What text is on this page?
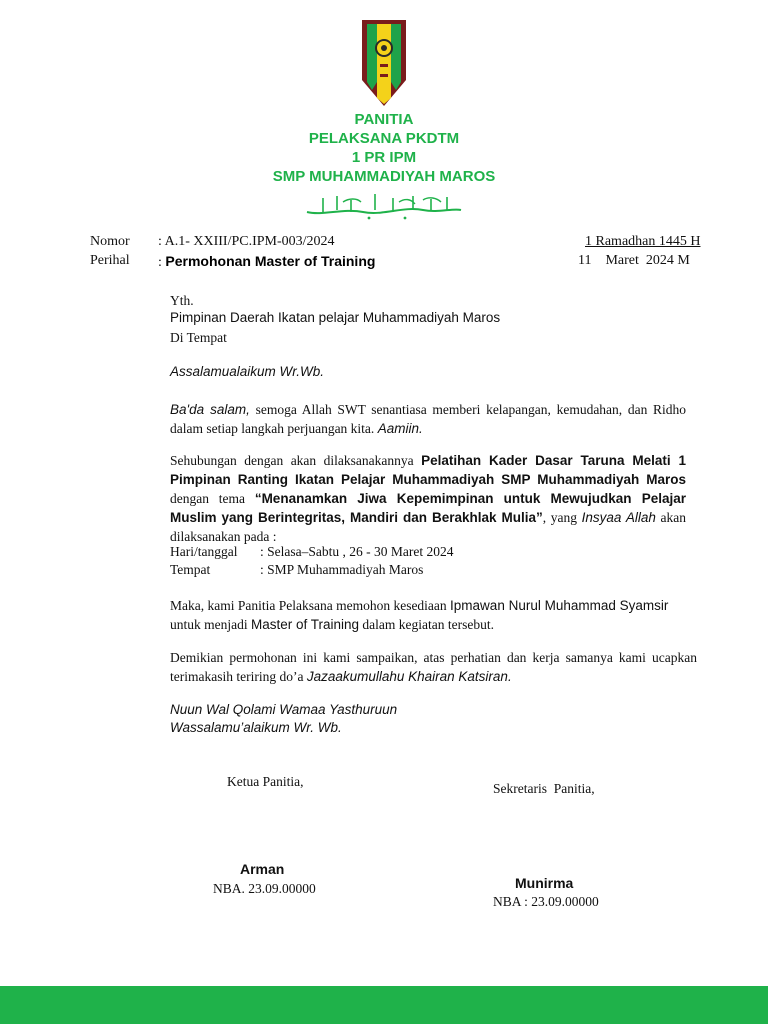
PANITIA
PELAKSANA PKDTM
1 PR IPM
SMP MUHAMMADIYAH MAROS
Nomor : A.1- XXIII/PC.IPM-003/2024	1 Ramadhan 1445 H
Perihal : Permohonan Master of Training	11    Maret  2024 M
Yth.
Pimpinan Daerah Ikatan pelajar Muhammadiyah Maros
Di Tempat
Assalamualaikum Wr.Wb.
Ba'da salam, semoga Allah SWT senantiasa memberi kelapangan, kemudahan, dan Ridho dalam setiap langkah perjuangan kita. Aamiin.
Sehubungan dengan akan dilaksanakannya Pelatihan Kader Dasar Taruna Melati 1 Pimpinan Ranting Ikatan Pelajar Muhammadiyah SMP Muhammadiyah Maros dengan tema “Menanamkan Jiwa Kepemimpinan untuk Mewujudkan Pelajar Muslim yang Berintegritas, Mandiri dan Berakhlak Mulia”, yang Insyaa Allah akan dilaksanakan pada :
Hari/tanggal : Selasa–Sabtu , 26 - 30 Maret 2024
Tempat	: SMP Muhammadiyah Maros
Maka, kami Panitia Pelaksana memohon kesediaan Ipmawan Nurul Muhammad Syamsir untuk menjadi Master of Training dalam kegiatan tersebut.
Demikian permohonan ini kami sampaikan, atas perhatian dan kerja samanya kami ucapkan terimakasih teriring do’a Jazaakumullahu Khairan Katsiran.
Nuun Wal Qolami Wamaa Yasthuruun
Wassalamu’alaikum Wr. Wb.
Ketua Panitia,
Arman
NBA. 23.09.00000
Sekretaris  Panitia,
Munirma
NBA : 23.09.00000
